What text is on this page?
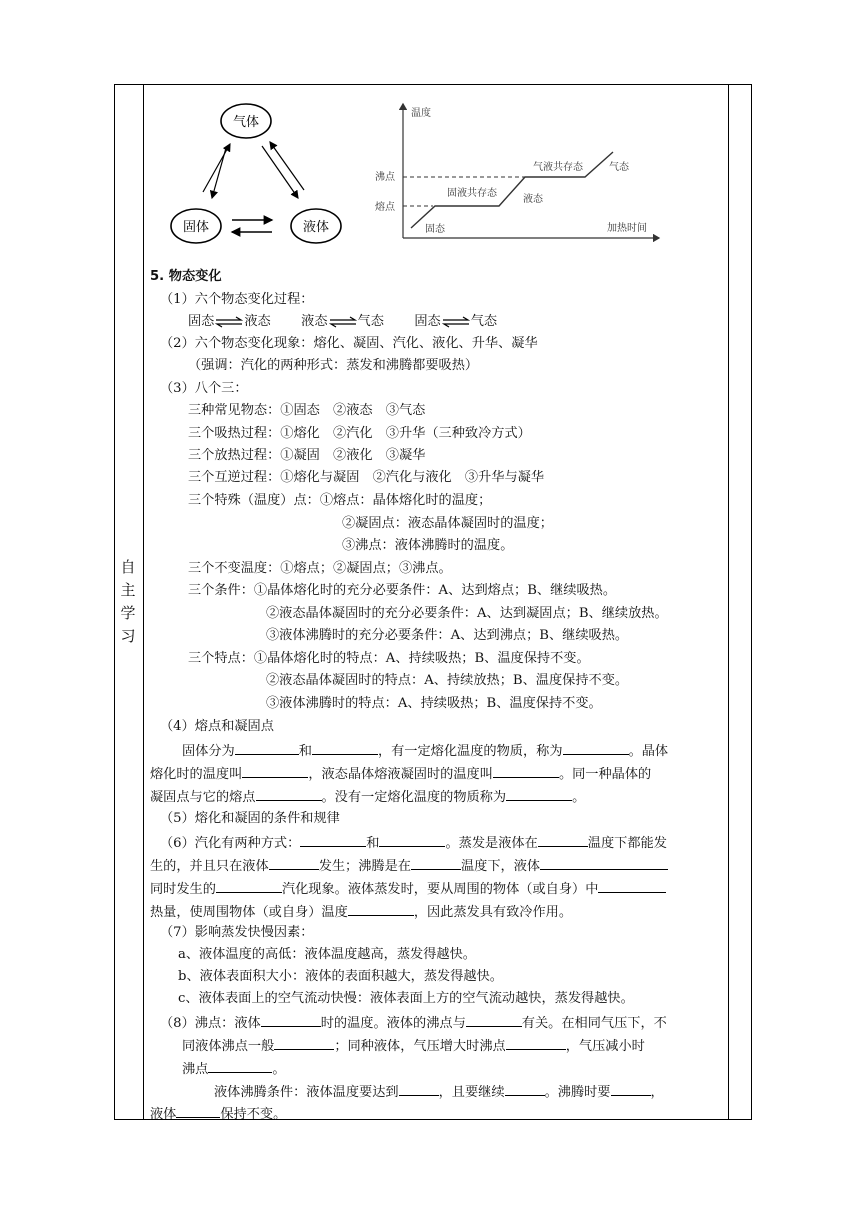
自
主
学
习
气体
固体	液体
温度
加热时间
沸点
熔点
固态
固液共存态
液态
气液共存态	气态
5. 物态变化
（1）六个物态变化过程：
固态⇌液态 液态⇌气态 固态⇌气态
（2）六个物态变化现象：熔化、凝固、汽化、液化、升华、凝华
（强调：汽化的两种形式：蒸发和沸腾都要吸热）
（3）八个三：
三种常见物态：①固态　②液态　③气态
三个吸热过程：①熔化　②汽化　③升华（三种致冷方式）
三个放热过程：①凝固　②液化　③凝华
三个互逆过程：①熔化与凝固　②汽化与液化　③升华与凝华
三个特殊（温度）点：①熔点：晶体熔化时的温度；
②凝固点：液态晶体凝固时的温度；
③沸点：液体沸腾时的温度。
三个不变温度：①熔点；②凝固点；③沸点。
三个条件：①晶体熔化时的充分必要条件：A、达到熔点；B、继续吸热。
②液态晶体凝固时的充分必要条件：A、达到凝固点；B、继续放热。
③液体沸腾时的充分必要条件：A、达到沸点；B、继续吸热。
三个特点：①晶体熔化时的特点：A、持续吸热；B、温度保持不变。
②液态晶体凝固时的特点：A、持续放热；B、温度保持不变。
③液体沸腾时的特点：A、持续吸热；B、温度保持不变。
（4）熔点和凝固点
固体分为	和	，有一定熔化温度的物质，称为	。晶体
熔化时的温度叫	，液态晶体熔液凝固时的温度叫	。同一种晶体的
凝固点与它的熔点	。没有一定熔化温度的物质称为	。
（5）熔化和凝固的条件和规律
（6）汽化有两种方式：	和	。蒸发是液体在	温度下都能发
生的，并且只在液体	发生；沸腾是在	温度下，液体
同时发生的	汽化现象。液体蒸发时，要从周围的物体（或自身）中
热量，使周围物体（或自身）温度	，因此蒸发具有致冷作用。
（7）影响蒸发快慢因素：
a、液体温度的高低：液体温度越高，蒸发得越快。
b、液体表面积大小：液体的表面积越大，蒸发得越快。
c、液体表面上的空气流动快慢：液体表面上方的空气流动越快，蒸发得越快。
（8）沸点：液体	时的温度。液体的沸点与	有关。在相同气压下，不
同液体沸点一般	；同种液体，气压增大时沸点	，气压减小时
沸点	。
液体沸腾条件：液体温度要达到	，且要继续	。沸腾时要	，
液体	保持不变。
